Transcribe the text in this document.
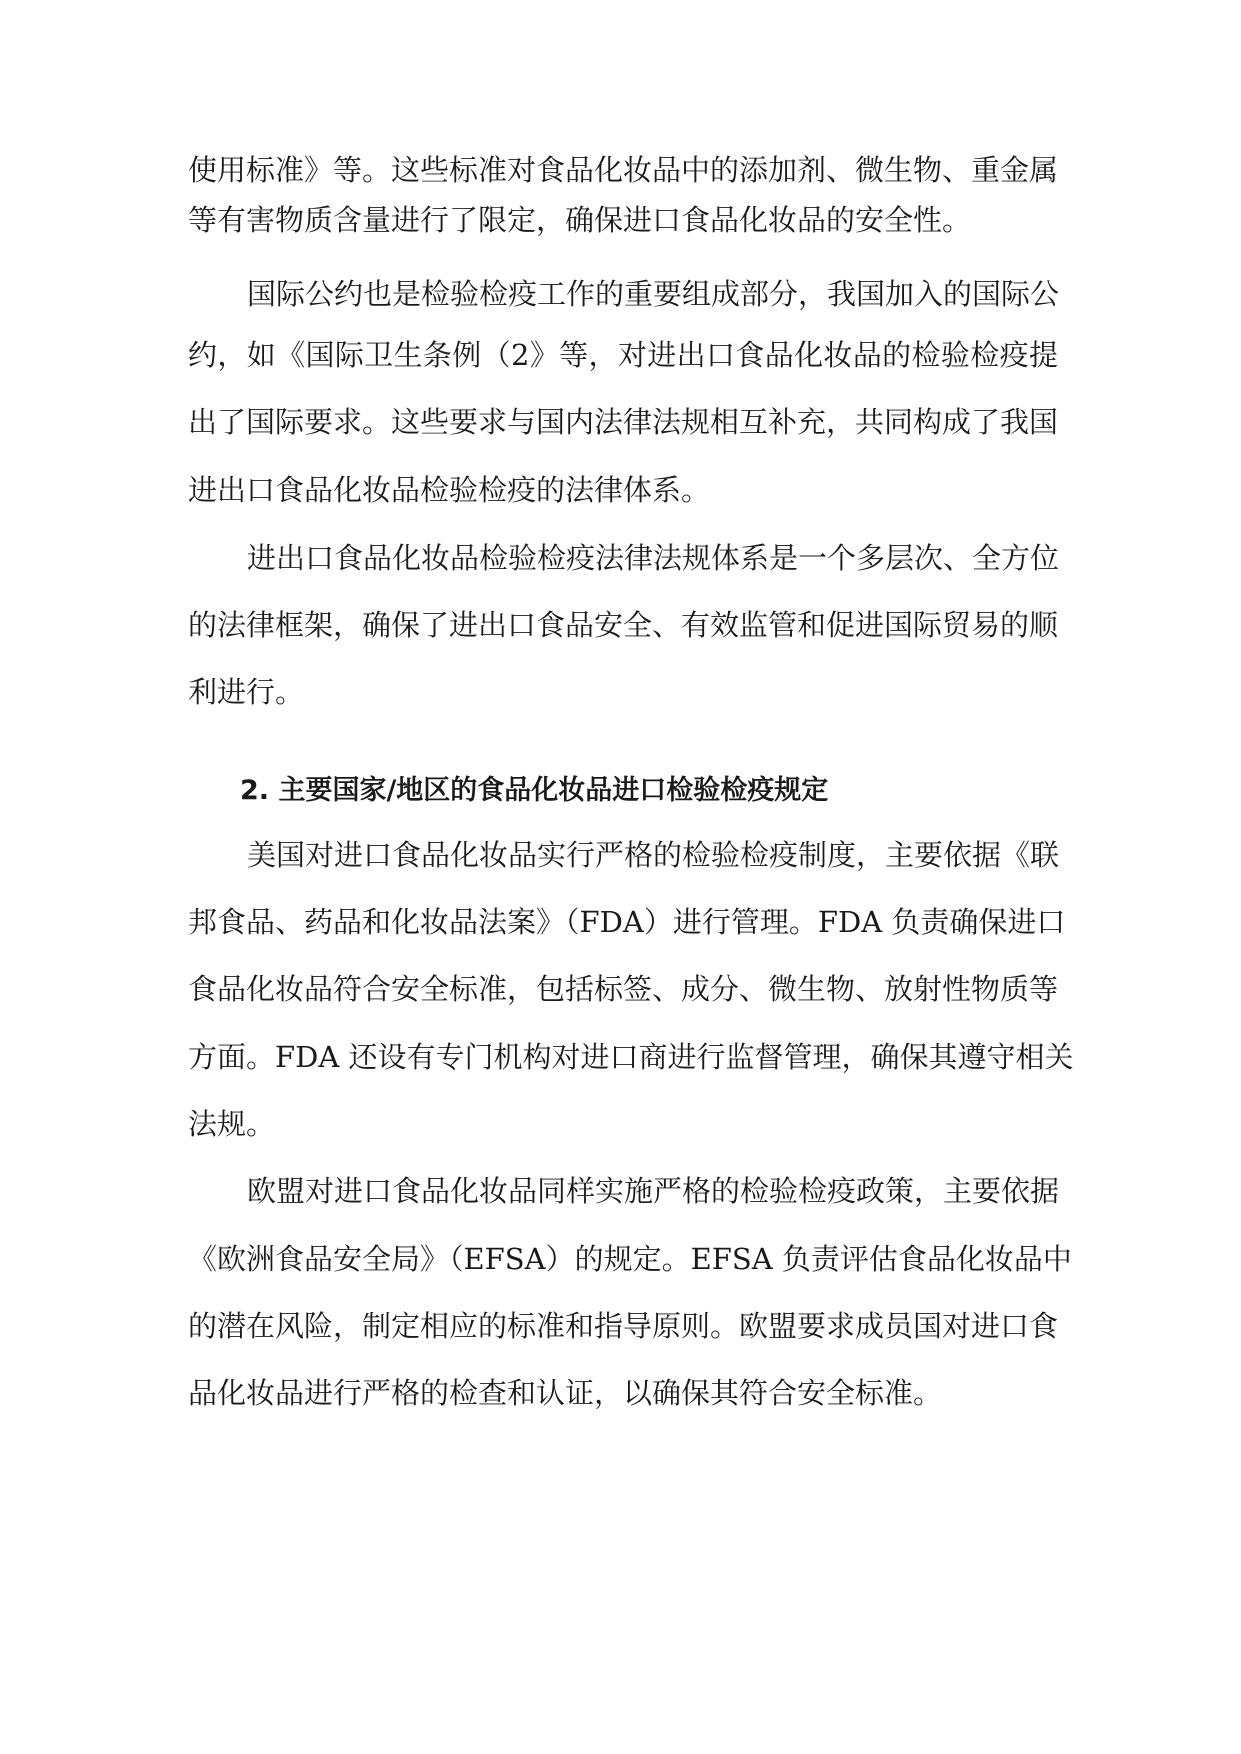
使用标准》等。这些标准对食品化妆品中的添加剂、微生物、重金属

等有害物质含量进行了限定，确保进口食品化妆品的安全性。

国际公约也是检验检疫工作的重要组成部分，我国加入的国际公

约，如《国际卫生条例（2》等，对进出口食品化妆品的检验检疫提

出了国际要求。这些要求与国内法律法规相互补充，共同构成了我国

进出口食品化妆品检验检疫的法律体系。

进出口食品化妆品检验检疫法律法规体系是一个多层次、全方位

的法律框架，确保了进出口食品安全、有效监管和促进国际贸易的顺

利进行。

2. 主要国家/地区的食品化妆品进口检验检疫规定

美国对进口食品化妆品实行严格的检验检疫制度，主要依据《联

邦食品、药品和化妆品法案》（FDA）进行管理。FDA 负责确保进口

食品化妆品符合安全标准，包括标签、成分、微生物、放射性物质等

方面。FDA 还设有专门机构对进口商进行监督管理，确保其遵守相关

法规。

欧盟对进口食品化妆品同样实施严格的检验检疫政策，主要依据

《欧洲食品安全局》（EFSA）的规定。EFSA 负责评估食品化妆品中

的潜在风险，制定相应的标准和指导原则。欧盟要求成员国对进口食

品化妆品进行严格的检查和认证，以确保其符合安全标准。
